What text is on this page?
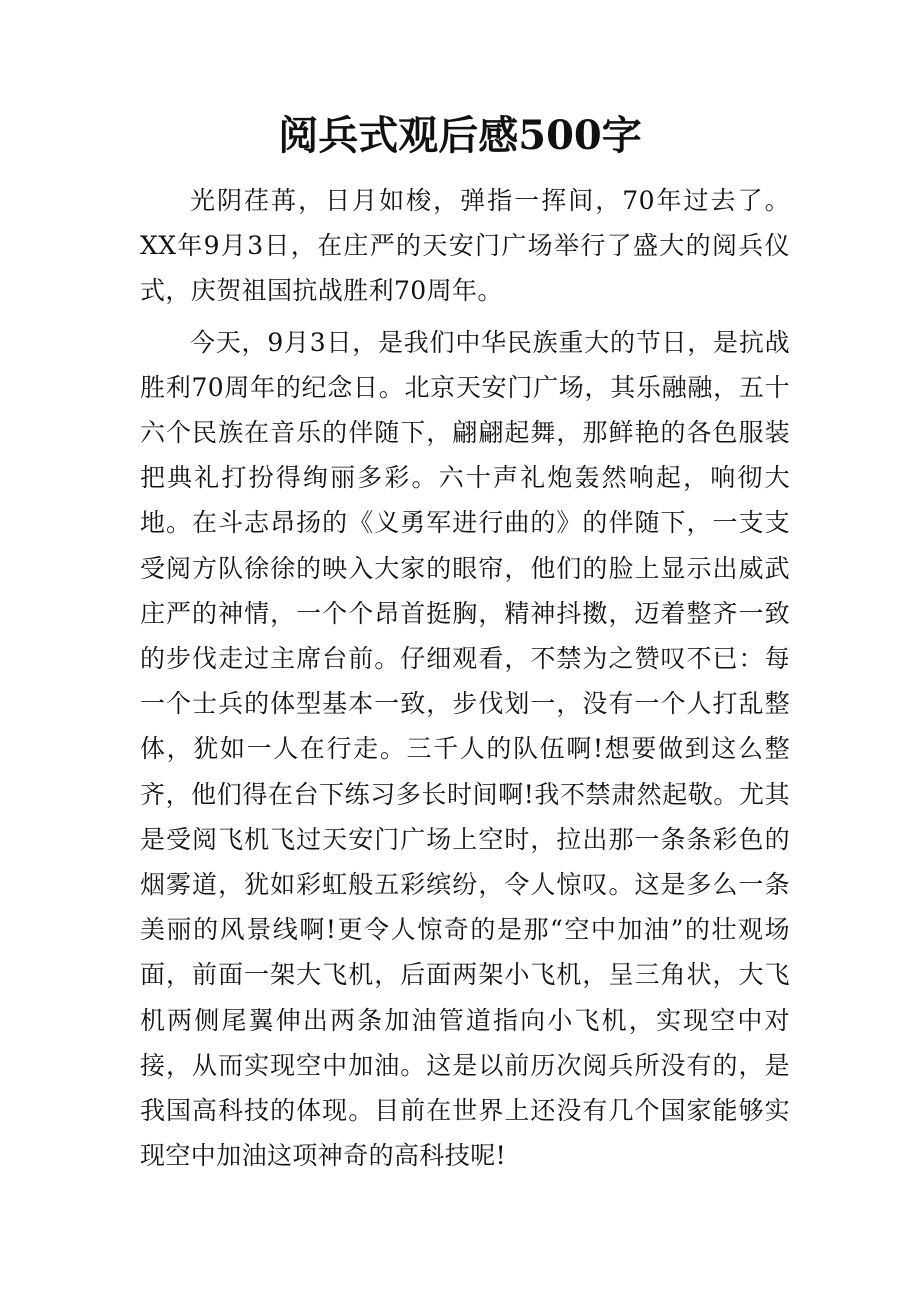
阅兵式观后感500字

光阴荏苒，日月如梭，弹指一挥间，70年过去了。XX年9月3日，在庄严的天安门广场举行了盛大的阅兵仪式，庆贺祖国抗战胜利70周年。

今天，9月3日，是我们中华民族重大的节日，是抗战胜利70周年的纪念日。北京天安门广场，其乐融融，五十六个民族在音乐的伴随下，翩翩起舞，那鲜艳的各色服装把典礼打扮得绚丽多彩。六十声礼炮轰然响起，响彻大地。在斗志昂扬的《义勇军进行曲的》的伴随下，一支支受阅方队徐徐的映入大家的眼帘，他们的脸上显示出威武庄严的神情，一个个昂首挺胸，精神抖擞，迈着整齐一致的步伐走过主席台前。仔细观看，不禁为之赞叹不已：每一个士兵的体型基本一致，步伐划一，没有一个人打乱整体，犹如一人在行走。三千人的队伍啊!想要做到这么整齐，他们得在台下练习多长时间啊!我不禁肃然起敬。尤其是受阅飞机飞过天安门广场上空时，拉出那一条条彩色的烟雾道，犹如彩虹般五彩缤纷，令人惊叹。这是多么一条美丽的风景线啊!更令人惊奇的是那“空中加油”的壮观场面，前面一架大飞机，后面两架小飞机，呈三角状，大飞机两侧尾翼伸出两条加油管道指向小飞机，实现空中对接，从而实现空中加油。这是以前历次阅兵所没有的，是我国高科技的体现。目前在世界上还没有几个国家能够实现空中加油这项神奇的高科技呢!
